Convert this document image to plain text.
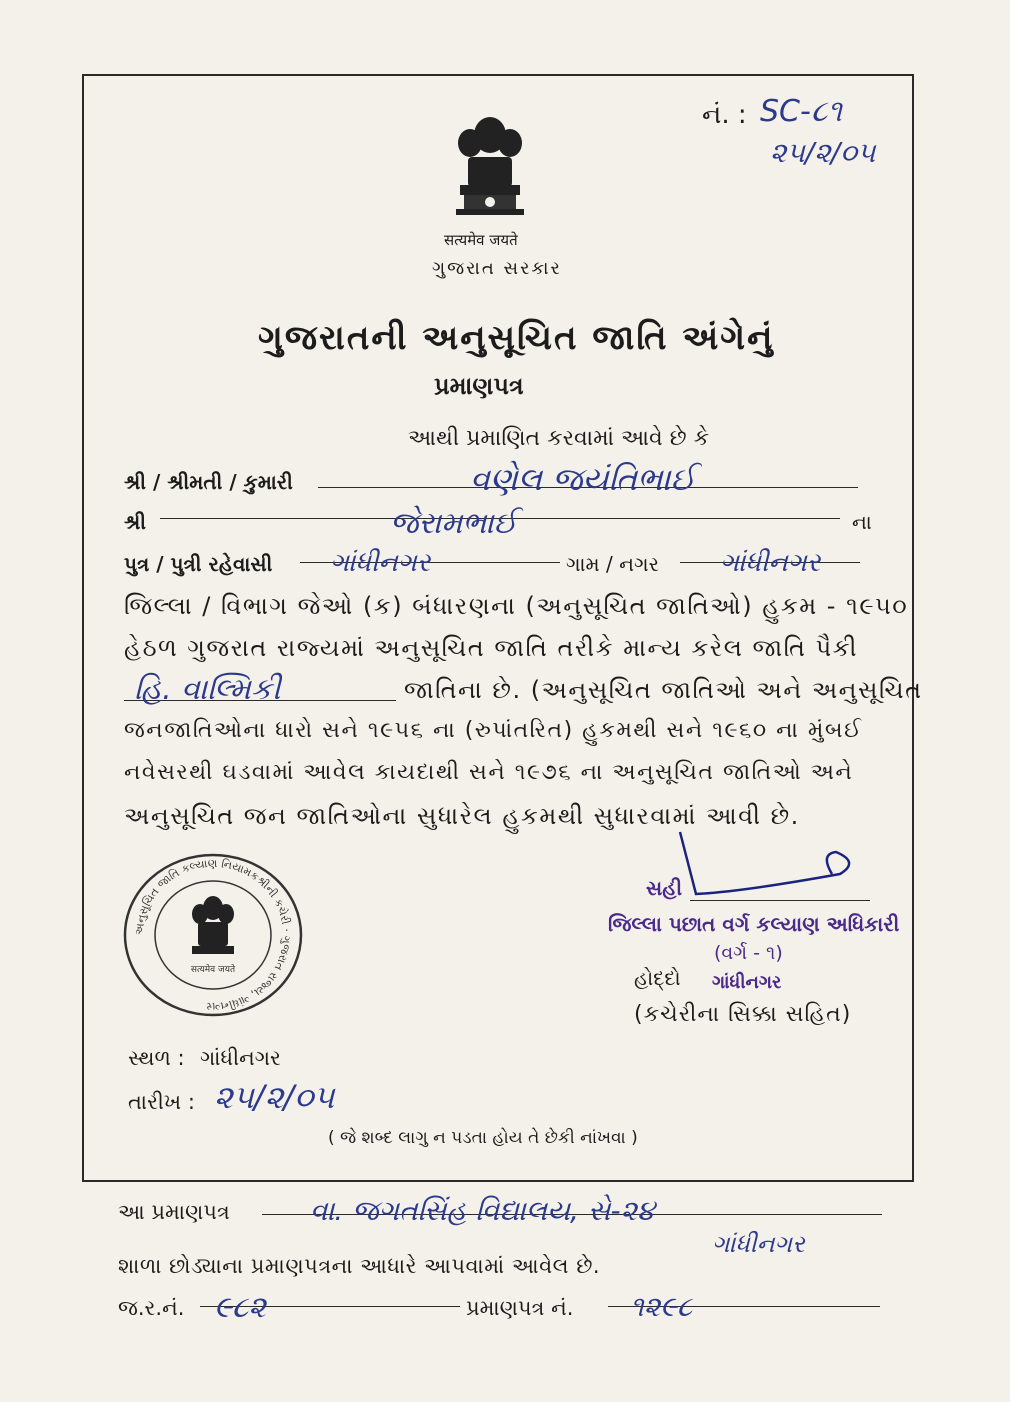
નં. : SC-૮૧
૨૫/૨/૦૫
सत्यमेव जयते
ગુજરાત સરકાર
ગુજરાતની અનુસૂચિત જાતિ અંગેનું
પ્રમાણપત્ર
આથી પ્રમાણિત કરવામાં આવે છે કે
શ્રી / શ્રીમતી / કુમારી	વણેલ જયંતિભાઈ
શ્રી	જેરામભાઈ	ના
પુત્ર / પુત્રી રહેવાસી ગાંધીનગર	ગામ / નગર ગાંધીનગર
જિલ્લા / વિભાગ જેઓ (ક) બંધારણના (અનુસૂચિત જાતિઓ) હુકમ - ૧૯૫૦
હેઠળ ગુજરાત રાજ્યમાં અનુસૂચિત જાતિ તરીકે માન્ય કરેલ જાતિ પૈકી
હિ. વાલ્મિકી	જાતિના છે. (અનુસૂચિત જાતિઓ અને અનુસૂચિત
જનજાતિઓના ધારો સને ૧૯૫૬ ના (રુપાંતરિત) હુકમથી સને ૧૯૬૦ ના મુંબઈ
નવેસરથી ઘડવામાં આવેલ કાયદાથી સને ૧૯૭૬ ના અનુસૂચિત જાતિઓ અને
અનુસૂચિત જન જાતિઓના સુધારેલ હુકમથી સુધારવામાં આવી છે.
અનુસૂચિત જાતિ કલ્યાણ નિયામકશ્રીની કચેરી · ગુજરાત રાજ્ય, ગાંધીનગર
सत्यमेव जयते
સહી
જિલ્લા પછાત વર્ગ કલ્યાણ અધિકારી
(વર્ગ - ૧)
હોદ્દો ગાંધીનગર
(કચેરીના સિક્કા સહિત)
સ્થળ : ગાંધીનગર
તારીખ : ૨૫/૨/૦૫
( જે શબ્દ લાગુ ન પડતા હોય તે છેકી નાંખવા )
આ પ્રમાણપત્ર	વા. જગતસિંહ વિદ્યાલય, સે-૨૪
ગાંધીનગર
શાળા છોડ્યાના પ્રમાણપત્રના આધારે આપવામાં આવેલ છે.
જ.ર.નં. ૯૮૨	પ્રમાણપત્ર નં. ૧૨૯૮
